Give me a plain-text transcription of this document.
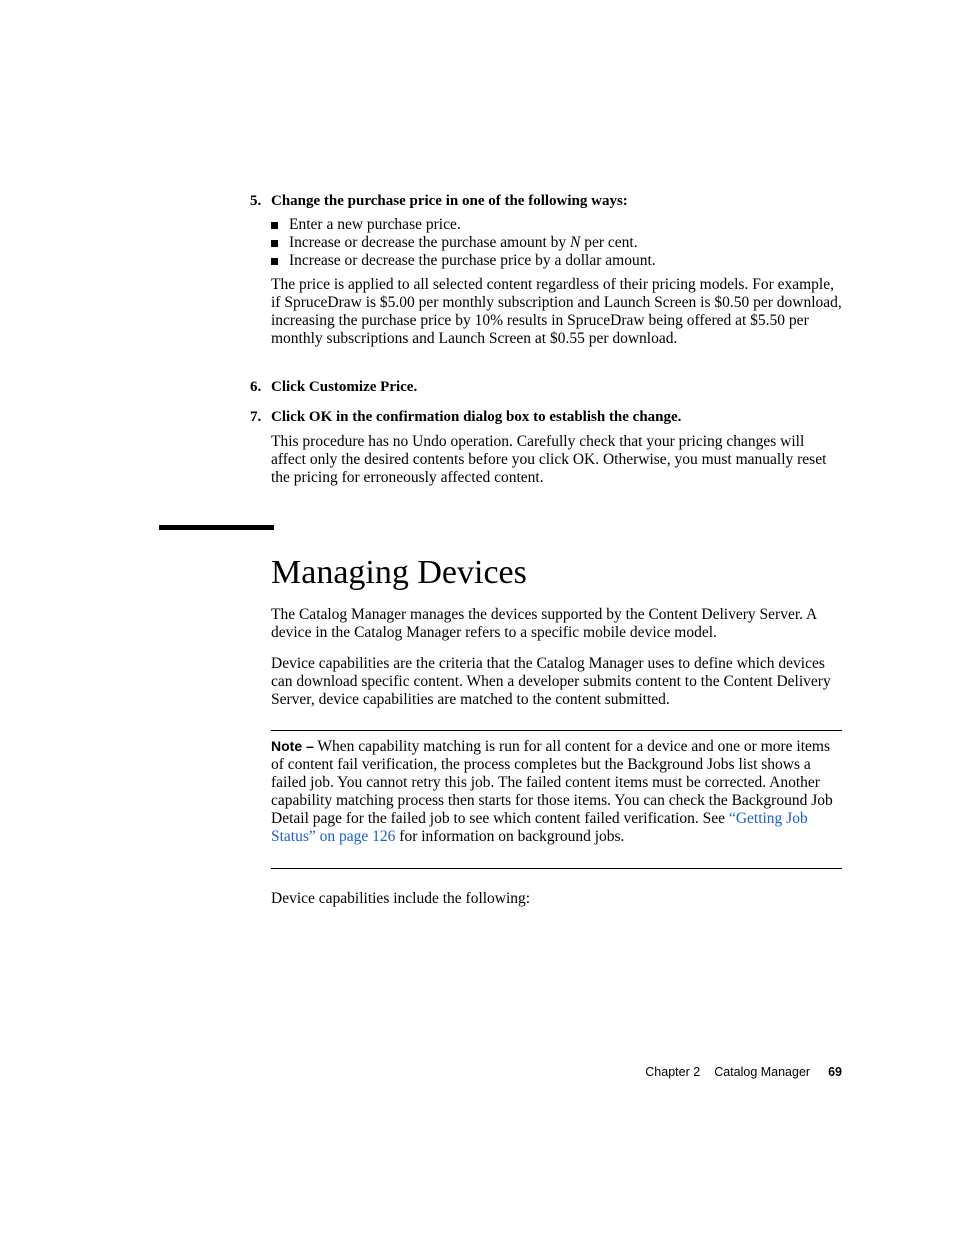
5. Change the purchase price in one of the following ways:

Enter a new purchase price.
Increase or decrease the purchase amount by N per cent.
Increase or decrease the purchase price by a dollar amount.

The price is applied to all selected content regardless of their pricing models. For example, if SpruceDraw is $5.00 per monthly subscription and Launch Screen is $0.50 per download, increasing the purchase price by 10% results in SpruceDraw being offered at $5.50 per monthly subscriptions and Launch Screen at $0.55 per download.

6. Click Customize Price.

7. Click OK in the confirmation dialog box to establish the change.

This procedure has no Undo operation. Carefully check that your pricing changes will affect only the desired contents before you click OK. Otherwise, you must manually reset the pricing for erroneously affected content.

Managing Devices

The Catalog Manager manages the devices supported by the Content Delivery Server. A device in the Catalog Manager refers to a specific mobile device model.

Device capabilities are the criteria that the Catalog Manager uses to define which devices can download specific content. When a developer submits content to the Content Delivery Server, device capabilities are matched to the content submitted.

Note – When capability matching is run for all content for a device and one or more items of content fail verification, the process completes but the Background Jobs list shows a failed job. You cannot retry this job. The failed content items must be corrected. Another capability matching process then starts for those items. You can check the Background Job Detail page for the failed job to see which content failed verification. See “Getting Job Status” on page 126 for information on background jobs.

Device capabilities include the following:

Chapter 2 Catalog Manager 69
